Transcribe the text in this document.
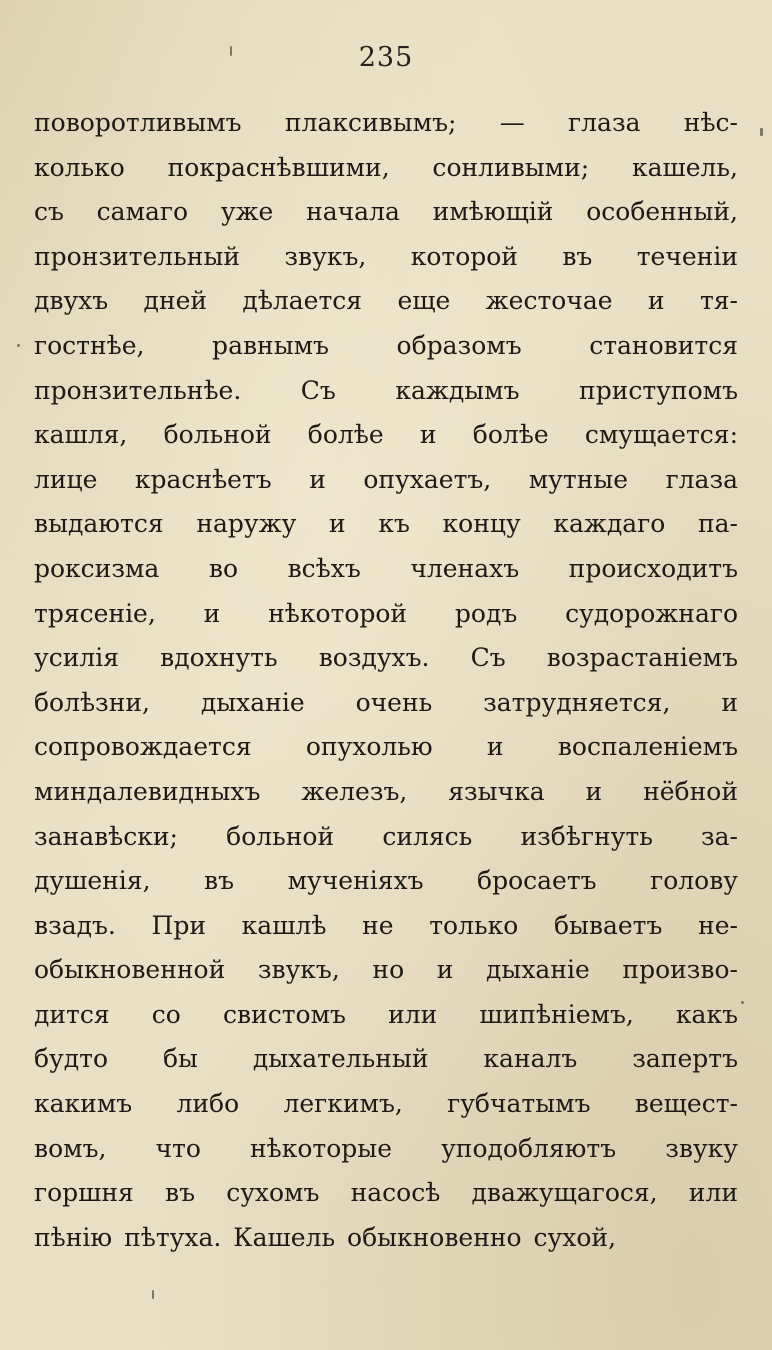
235
поворотливымъ плаксивымъ; — глаза нѣс-
колько покраснѣвшими, сонливыми; кашель,
съ самаго уже начала имѣющій особенный,
пронзительный звукъ, которой въ теченіи
двухъ дней дѣлается еще жесточае и тя-
гостнѣе, равнымъ образомъ становится
пронзительнѣе. Съ каждымъ приступомъ
кашля, больной болѣе и болѣе смущается:
лице краснѣетъ и опухаетъ, мутные глаза
выдаются наружу и къ концу каждаго па-
роксизма во всѣхъ членахъ происходитъ
трясеніе, и нѣкоторой родъ судорожнаго
усилія вдохнуть воздухъ. Съ возрастаніемъ
болѣзни, дыханіе очень затрудняется, и
сопровождается опухолью и воспаленіемъ
миндалевидныхъ железъ, язычка и нёбной
занавѣски; больной силясь избѣгнуть за-
душенія, въ мученіяхъ бросаетъ голову
взадъ. При кашлѣ не только бываетъ не-
обыкновенной звукъ, но и дыханіе произво-
дится со свистомъ или шипѣніемъ, какъ
будто бы дыхательный каналъ запертъ
какимъ либо легкимъ, губчатымъ вещест-
вомъ, что нѣкоторые уподобляютъ звуку
горшня въ сухомъ насосѣ дважущагося, или
пѣнію пѣтуха. Кашель обыкновенно сухой,
